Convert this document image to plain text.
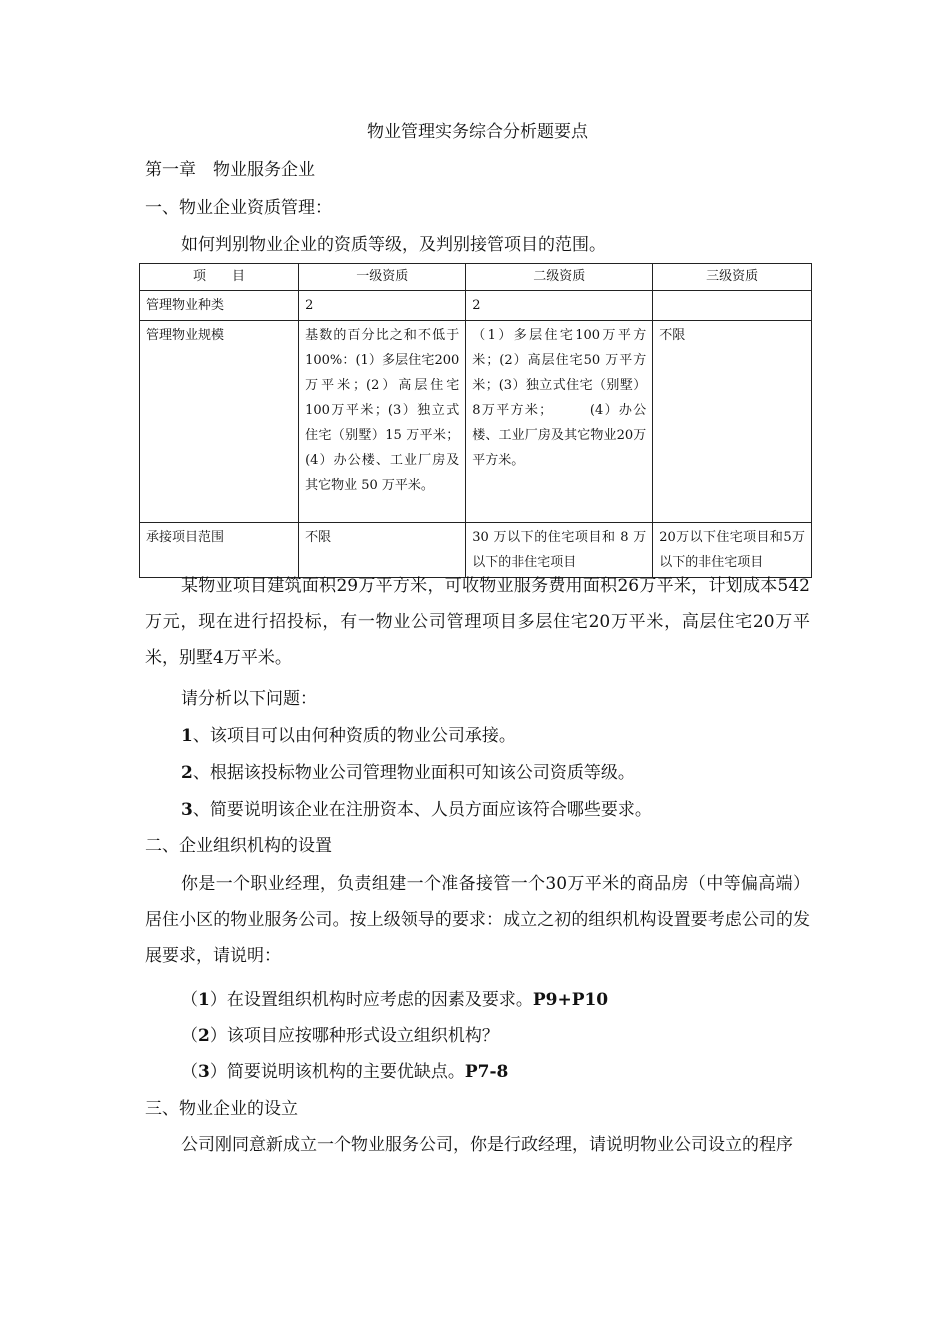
物业管理实务综合分析题要点
第一章　物业服务企业
一、物业企业资质管理：
如何判别物业企业的资质等级，及判别接管项目的范围。
项　　目	一级资质	二级资质	三级资质
管理物业种类	2	2	
管理物业规模	基数的百分比之和不低于100%：(1）多层住宅200万平米；(2）高层住宅100万平米；(3）独立式住宅（别墅）15 万平米；(4）办公楼、工业厂房及其它物业 50 万平米。	（1）多层住宅100万平方米；(2）高层住宅50 万平方米；(3）独立式住宅（别墅）8万平方米；　　　(4）办公楼、工业厂房及其它物业20万平方米。	不限
承接项目范围	不限	30 万以下的住宅项目和 8 万以下的非住宅项目	20万以下住宅项目和5万以下的非住宅项目
某物业项目建筑面积29万平方米，可收物业服务费用面积26万平米，计划成本542万元，现在进行招投标，有一物业公司管理项目多层住宅20万平米，高层住宅20万平米，别墅4万平米。
请分析以下问题：
1、该项目可以由何种资质的物业公司承接。
2、根据该投标物业公司管理物业面积可知该公司资质等级。
3、简要说明该企业在注册资本、人员方面应该符合哪些要求。
二、企业组织机构的设置
你是一个职业经理，负责组建一个准备接管一个30万平米的商品房（中等偏高端）居住小区的物业服务公司。按上级领导的要求：成立之初的组织机构设置要考虑公司的发展要求，请说明：
（1）在设置组织机构时应考虑的因素及要求。P9+P10
（2）该项目应按哪种形式设立组织机构？
（3）简要说明该机构的主要优缺点。P7-8
三、物业企业的设立
公司刚同意新成立一个物业服务公司，你是行政经理，请说明物业公司设立的程序
